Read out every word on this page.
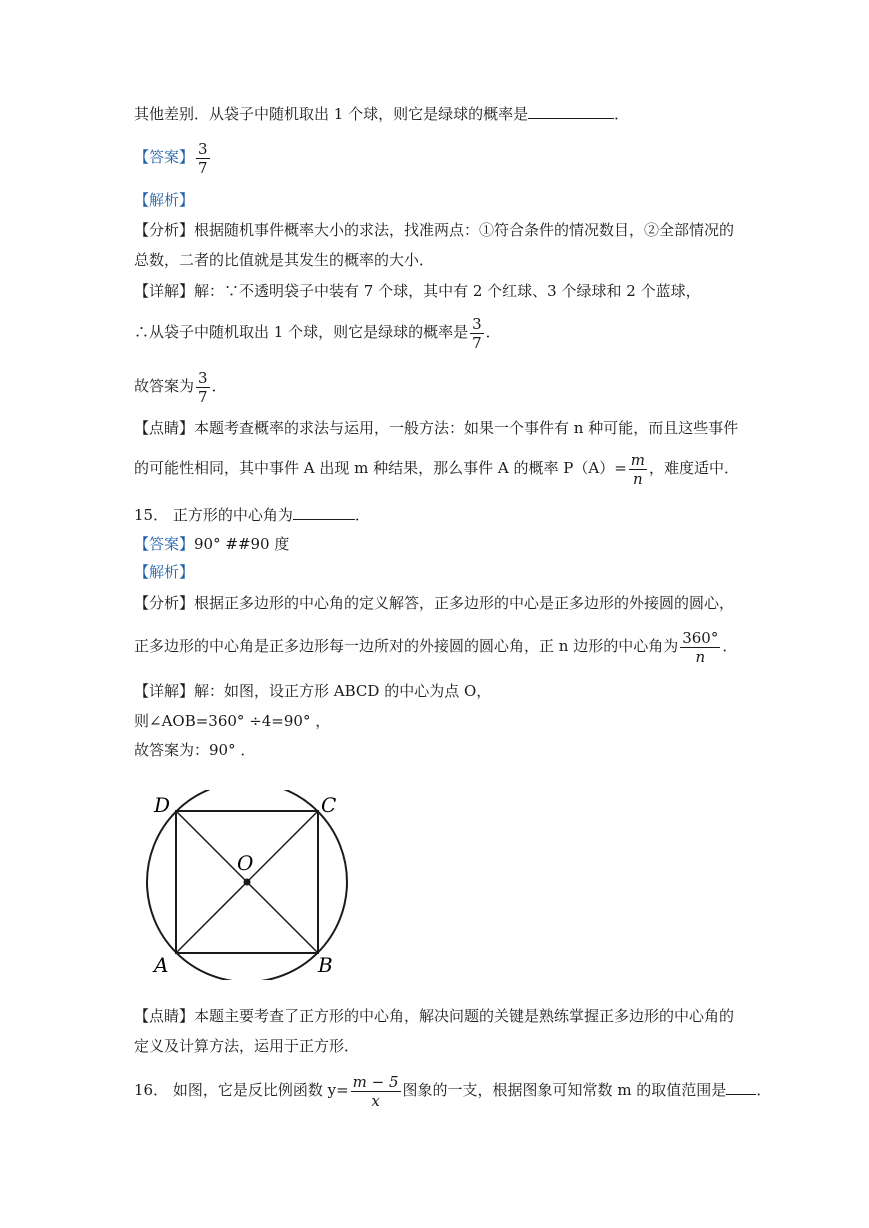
其他差别．从袋子中随机取出 1 个球，则它是绿球的概率是	．
【答案】 $\frac{3}{7}$
【解析】
【分析】根据随机事件概率大小的求法，找准两点：①符合条件的情况数目，②全部情况的
总数，二者的比值就是其发生的概率的大小．
【详解】解：∵不透明袋子中装有 7 个球，其中有 2 个红球、3 个绿球和 2 个蓝球，
∴从袋子中随机取出 1 个球，则它是绿球的概率是 $\frac{3}{7}$ ．
故答案为 $\frac{3}{7}$ ．
【点睛】本题考查概率的求法与运用，一般方法：如果一个事件有 n 种可能，而且这些事件
的可能性相同，其中事件 A 出现 m 种结果，那么事件 A 的概率 $P(A)= \frac{m}{n}$ ，难度适中．
15． 正方形的中心角为	．
【答案】90° ##90 度
【解析】
【分析】根据正多边形的中心角的定义解答，正多边形的中心是正多边形的外接圆的圆心，
正多边形的中心角是正多边形每一边所对的外接圆的圆心角，正 n 边形的中心角为 $\frac{360^\circ}{n}$ ．
【详解】解：如图，设正方形 ABCD 的中心为点 O，
则∠AOB=360° ÷4=90° ，
故答案为：90° ．
D	C
O
A	B
【点睛】本题主要考查了正方形的中心角，解决问题的关键是熟练掌握正多边形的中心角的
定义及计算方法，运用于正方形．
16． 如图，它是反比例函数 $y= \frac{m - 5}{x}$ 图象的一支，根据图象可知常数 m 的取值范围是 ．
